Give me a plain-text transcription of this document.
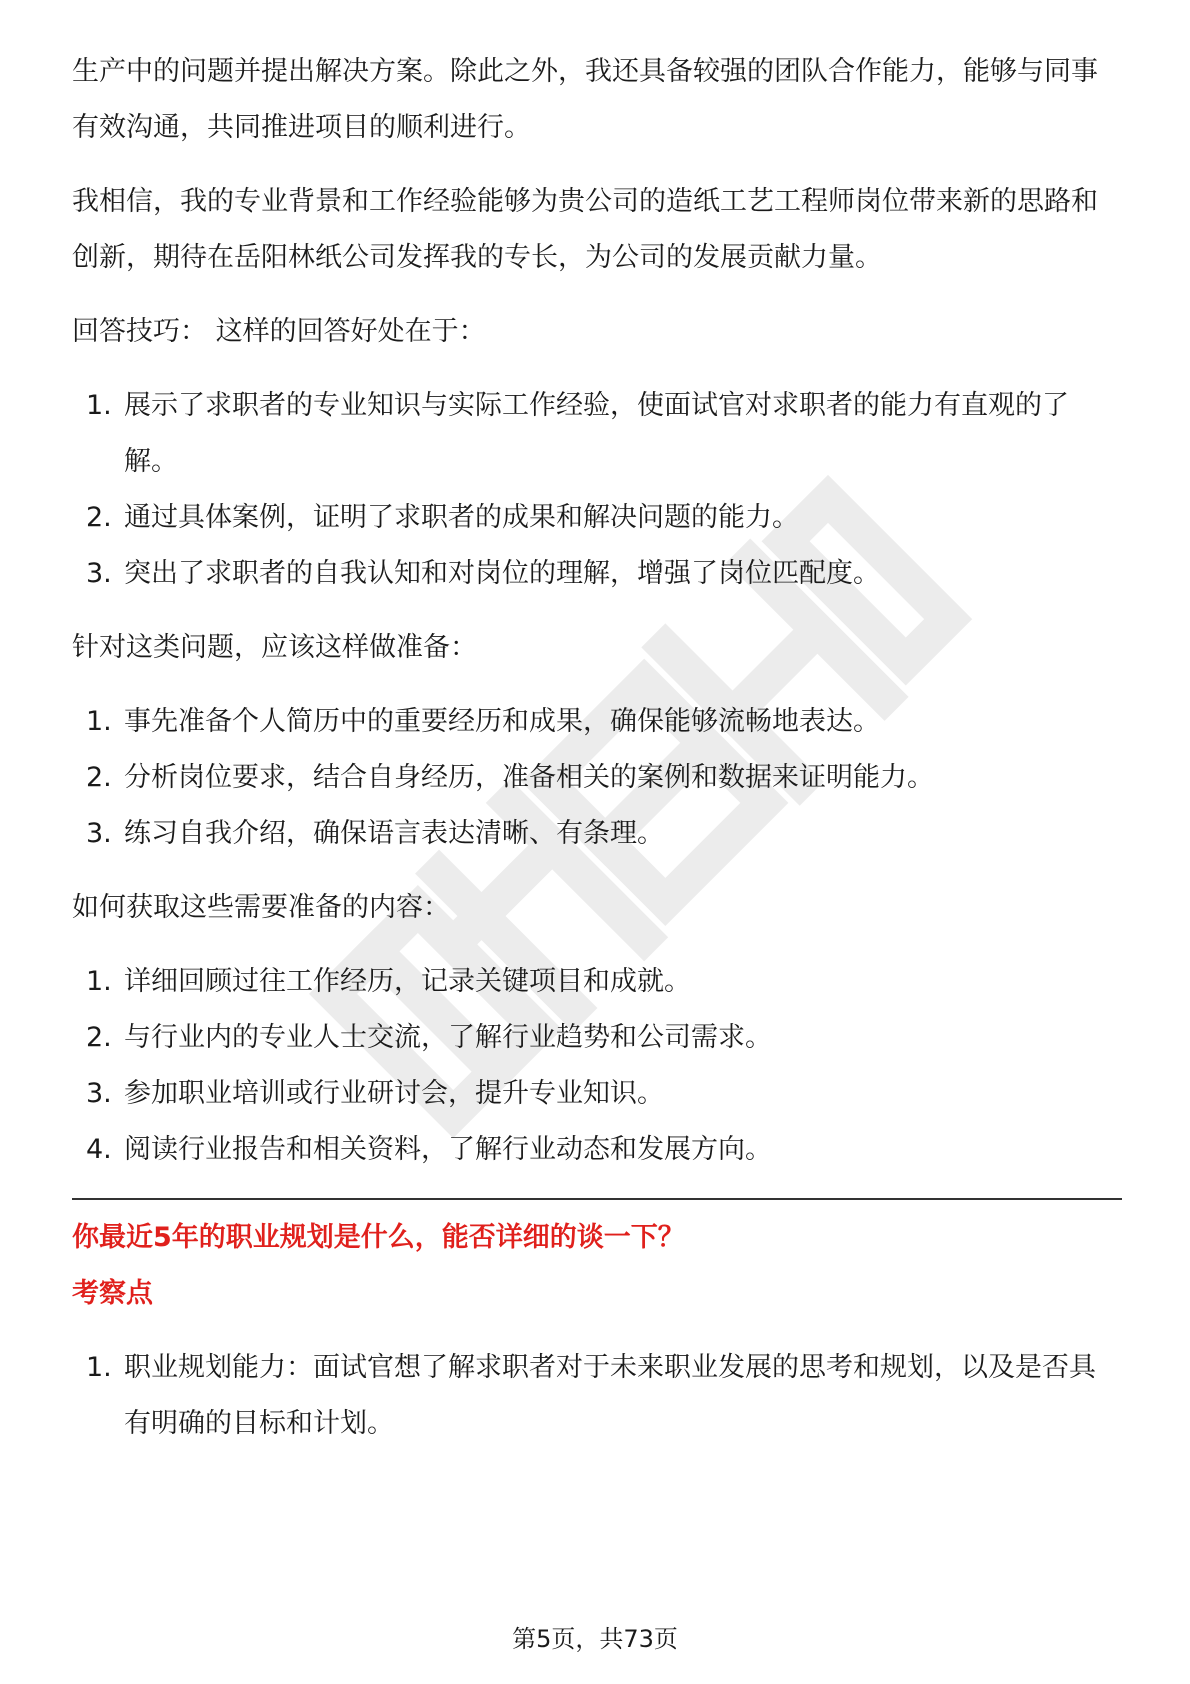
生产中的问题并提出解决方案。除此之外，我还具备较强的团队合作能力，能够与同事有效沟通，共同推进项目的顺利进行。

我相信，我的专业背景和工作经验能够为贵公司的造纸工艺工程师岗位带来新的思路和创新，期待在岳阳林纸公司发挥我的专长，为公司的发展贡献力量。

回答技巧： 这样的回答好处在于：

1. 展示了求职者的专业知识与实际工作经验，使面试官对求职者的能力有直观的了解。
2. 通过具体案例，证明了求职者的成果和解决问题的能力。
3. 突出了求职者的自我认知和对岗位的理解，增强了岗位匹配度。

针对这类问题，应该这样做准备：

1. 事先准备个人简历中的重要经历和成果，确保能够流畅地表达。
2. 分析岗位要求，结合自身经历，准备相关的案例和数据来证明能力。
3. 练习自我介绍，确保语言表达清晰、有条理。

如何获取这些需要准备的内容：

1. 详细回顾过往工作经历，记录关键项目和成就。
2. 与行业内的专业人士交流，了解行业趋势和公司需求。
3. 参加职业培训或行业研讨会，提升专业知识。
4. 阅读行业报告和相关资料，了解行业动态和发展方向。

你最近5年的职业规划是什么，能否详细的谈一下？

考察点

1. 职业规划能力：面试官想了解求职者对于未来职业发展的思考和规划，以及是否具有明确的目标和计划。
第5页，共73页
